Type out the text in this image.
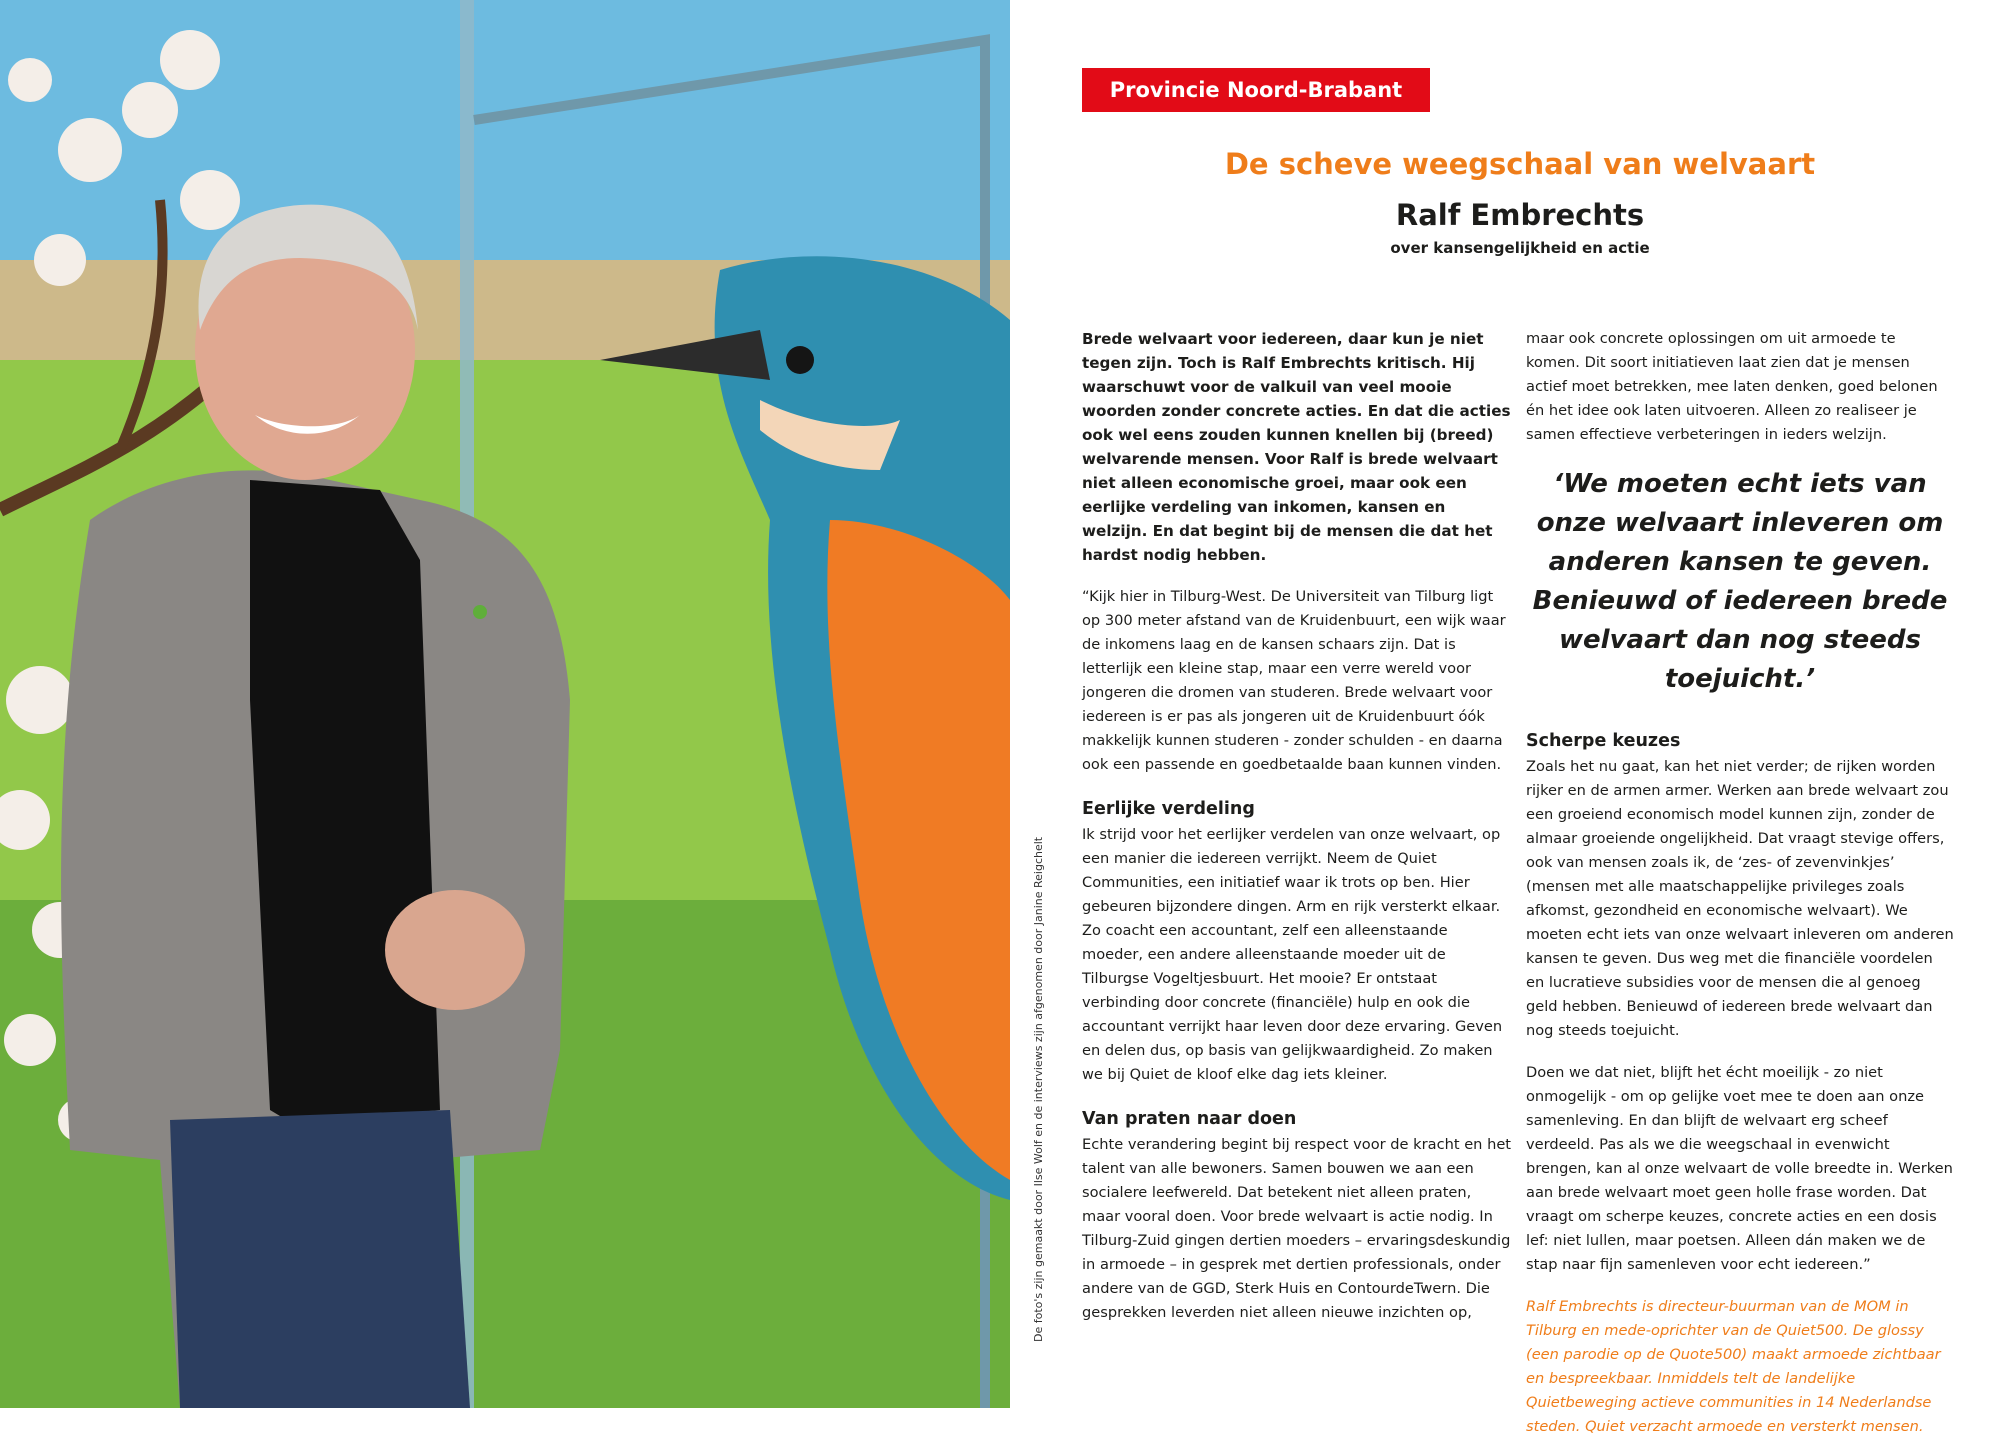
De foto's zijn gemaakt door Ilse Wolf en de interviews zijn afgenomen door Janine Reigchelt
Provincie Noord-Brabant
De scheve weegschaal van welvaart
Ralf Embrechts
over kansengelijkheid en actie

Brede welvaart voor iedereen, daar kun je niet tegen zijn. Toch is Ralf Embrechts kritisch. Hij waarschuwt voor de valkuil van veel mooie woorden zonder concrete acties. En dat die acties ook wel eens zouden kunnen knellen bij (breed) welvarende mensen. Voor Ralf is brede welvaart niet alleen economische groei, maar ook een eerlijke verdeling van inkomen, kansen en welzijn. En dat begint bij de mensen die dat het hardst nodig hebben.

“Kijk hier in Tilburg-West. De Universiteit van Tilburg ligt op 300 meter afstand van de Kruidenbuurt, een wijk waar de inkomens laag en de kansen schaars zijn. Dat is letterlijk een kleine stap, maar een verre wereld voor jongeren die dromen van studeren. Brede welvaart voor iedereen is er pas als jongeren uit de Kruidenbuurt óók makkelijk kunnen studeren - zonder schulden - en daarna ook een passende en goedbetaalde baan kunnen vinden.

Eerlijke verdeling

Ik strijd voor het eerlijker verdelen van onze welvaart, op een manier die iedereen verrijkt. Neem de Quiet Communities, een initiatief waar ik trots op ben. Hier gebeuren bijzondere dingen. Arm en rijk versterkt elkaar. Zo coacht een accountant, zelf een alleenstaande moeder, een andere alleenstaande moeder uit de Tilburgse Vogeltjesbuurt. Het mooie? Er ontstaat verbinding door concrete (financiële) hulp en ook die accountant verrijkt haar leven door deze ervaring. Geven en delen dus, op basis van gelijkwaardigheid. Zo maken we bij Quiet de kloof elke dag iets kleiner.

Van praten naar doen

Echte verandering begint bij respect voor de kracht en het talent van alle bewoners. Samen bouwen we aan een socialere leefwereld. Dat betekent niet alleen praten, maar vooral doen. Voor brede welvaart is actie nodig. In Tilburg-Zuid gingen dertien moeders – ervaringsdeskundig in armoede – in gesprek met dertien professionals, onder andere van de GGD, Sterk Huis en ContourdeTwern. Die gesprekken leverden niet alleen nieuwe inzichten op,

maar ook concrete oplossingen om uit armoede te komen. Dit soort initiatieven laat zien dat je mensen actief moet betrekken, mee laten denken, goed belonen én het idee ook laten uitvoeren. Alleen zo realiseer je samen effectieve verbeteringen in ieders welzijn.

‘We moeten echt iets van onze welvaart inleveren om anderen kansen te geven. Benieuwd of iedereen brede welvaart dan nog steeds toejuicht.’

Scherpe keuzes

Zoals het nu gaat, kan het niet verder; de rijken worden rijker en de armen armer. Werken aan brede welvaart zou een groeiend economisch model kunnen zijn, zonder de almaar groeiende ongelijkheid. Dat vraagt stevige offers, ook van mensen zoals ik, de ‘zes- of zevenvinkjes’ (mensen met alle maatschappelijke privileges zoals afkomst, gezondheid en economische welvaart). We moeten echt iets van onze welvaart inleveren om anderen kansen te geven. Dus weg met die financiële voordelen en lucratieve subsidies voor de mensen die al genoeg geld hebben. Benieuwd of iedereen brede welvaart dan nog steeds toejuicht.

Doen we dat niet, blijft het écht moeilijk - zo niet onmogelijk - om op gelijke voet mee te doen aan onze samenleving. En dan blijft de welvaart erg scheef verdeeld. Pas als we die weegschaal in evenwicht brengen, kan al onze welvaart de volle breedte in. Werken aan brede welvaart moet geen holle frase worden. Dat vraagt om scherpe keuzes, concrete acties en een dosis lef: niet lullen, maar poetsen. Alleen dán maken we de stap naar fijn samenleven voor echt iedereen.”

Ralf Embrechts is directeur-buurman van de MOM in Tilburg en mede-oprichter van de Quiet500. De glossy (een parodie op de Quote500) maakt armoede zichtbaar en bespreekbaar. Inmiddels telt de landelijke Quietbeweging actieve communities in 14 Nederlandse steden. Quiet verzacht armoede en versterkt mensen.
